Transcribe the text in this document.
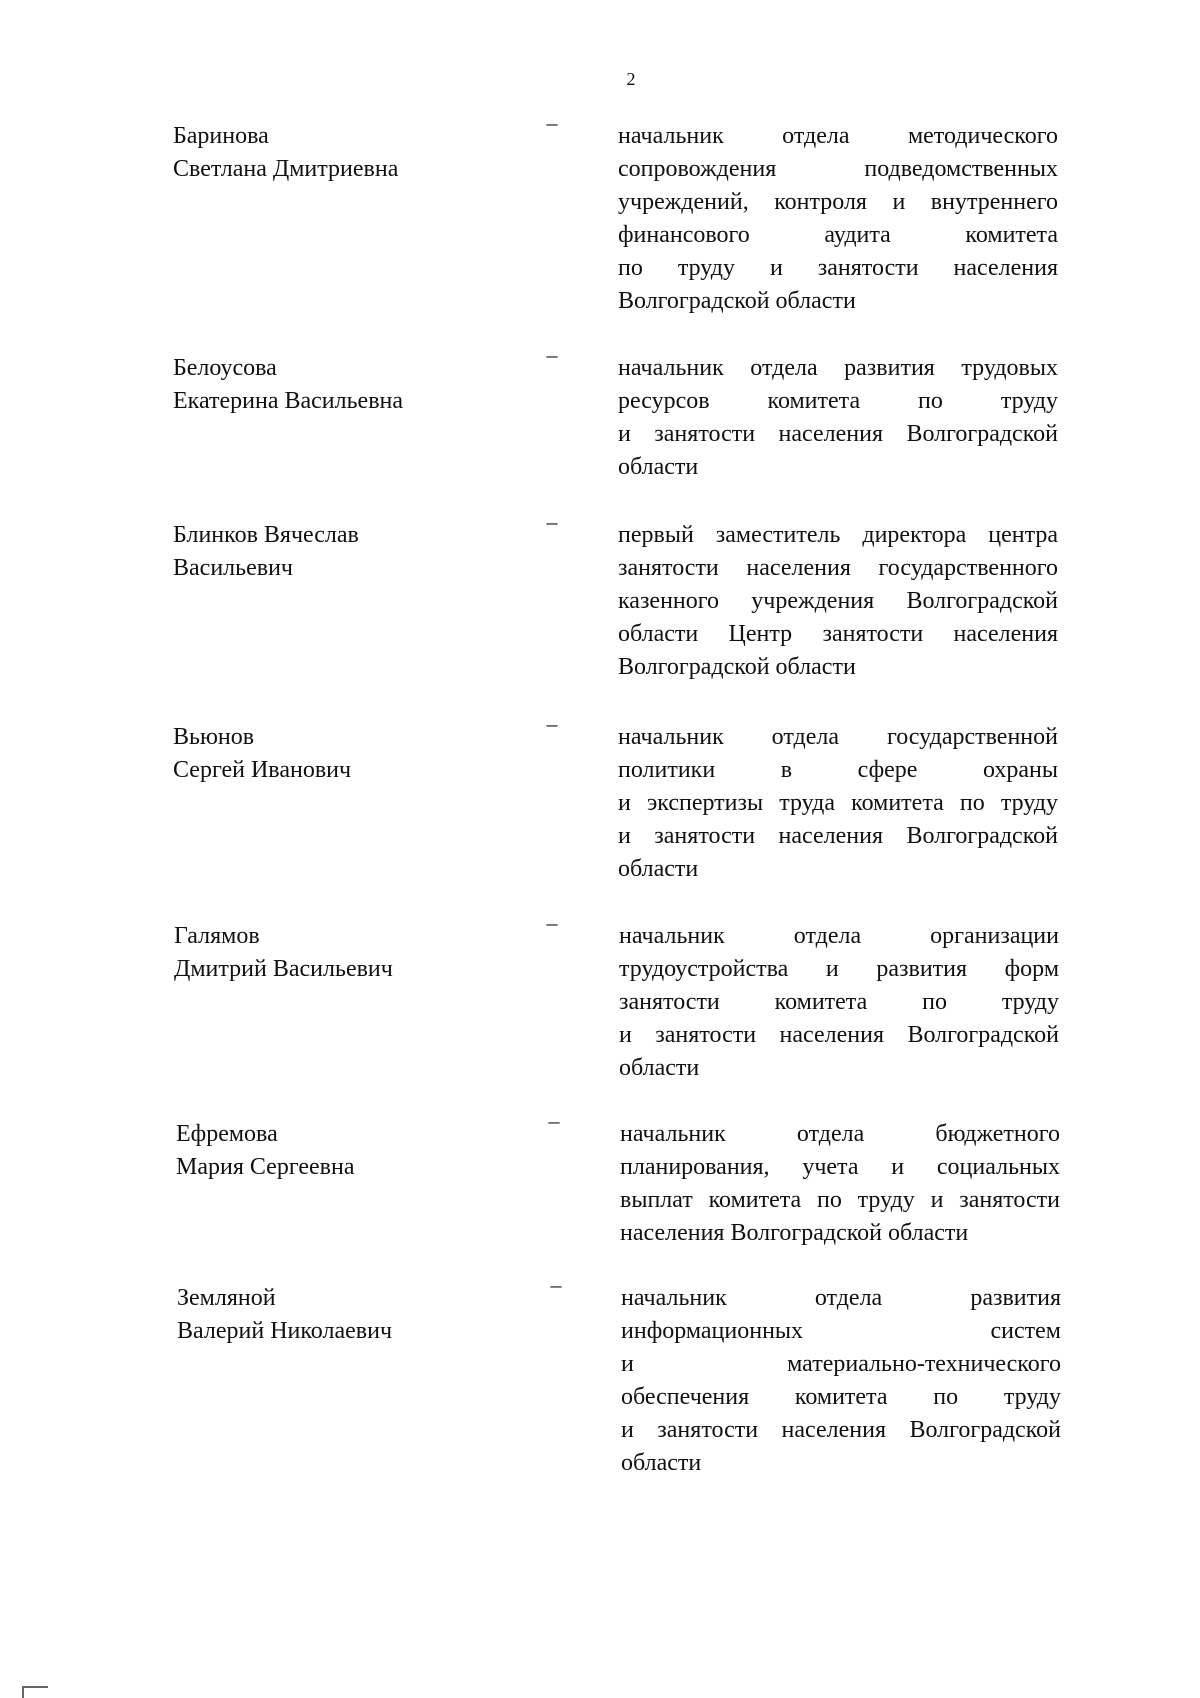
2
Баринова
Светлана Дмитриевна
–
начальник отдела методического
сопровождения подведомственных
учреждений, контроля и внутреннего
финансового аудита комитета
по труду и занятости населения
Волгоградской области
Белоусова
Екатерина Васильевна
–
начальник отдела развития трудовых
ресурсов комитета по труду
и занятости населения Волгоградской
области
Блинков Вячеслав
Васильевич
–
первый заместитель директора центра
занятости населения государственного
казенного учреждения Волгоградской
области Центр занятости населения
Волгоградской области
Вьюнов
Сергей Иванович
–
начальник отдела государственной
политики в сфере охраны
и экспертизы труда комитета по труду
и занятости населения Волгоградской
области
Галямов
Дмитрий Васильевич
–
начальник отдела организации
трудоустройства и развития форм
занятости комитета по труду
и занятости населения Волгоградской
области
Ефремова
Мария Сергеевна
–
начальник отдела бюджетного
планирования, учета и социальных
выплат комитета по труду и занятости
населения Волгоградской области
Земляной
Валерий Николаевич
–
начальник отдела развития
информационных систем
и материально-технического
обеспечения комитета по труду
и занятости населения Волгоградской
области
